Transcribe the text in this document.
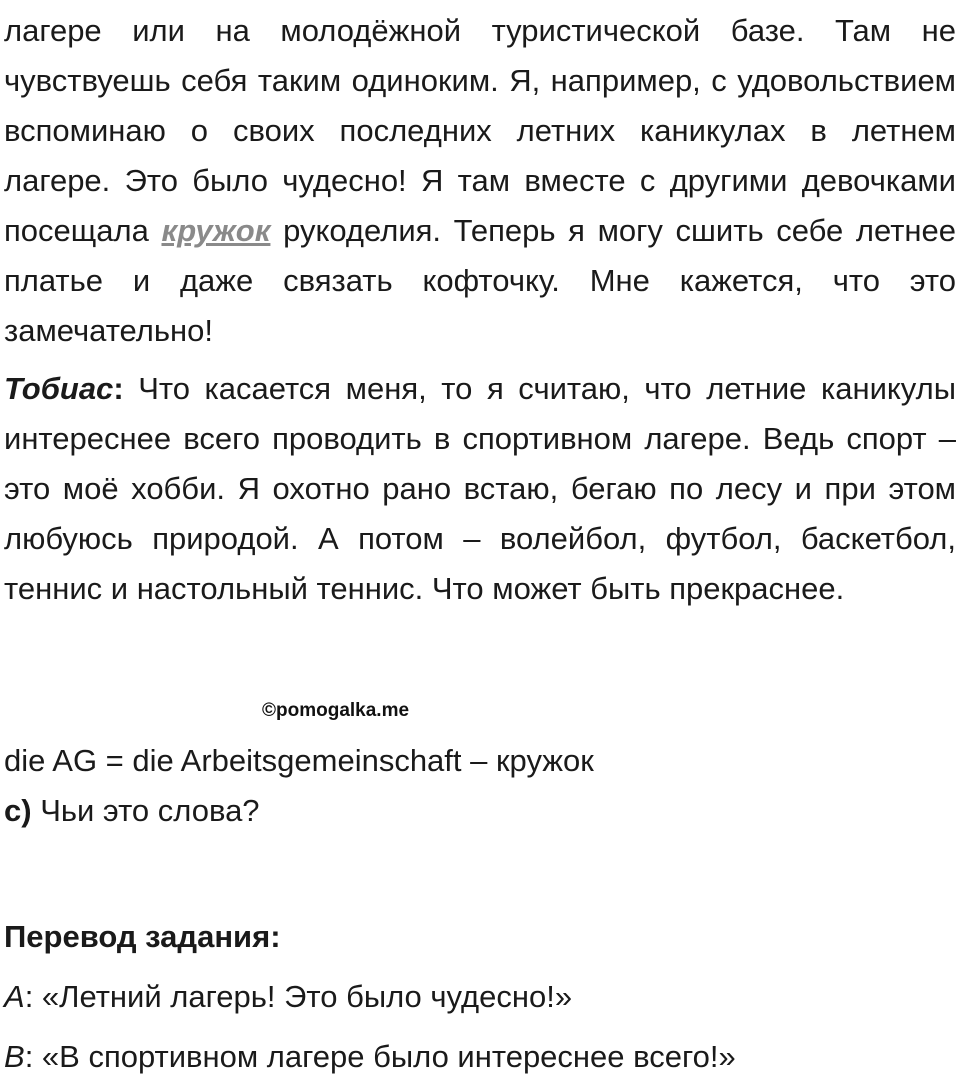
лагере или на молодёжной туристической базе. Там не чувствуешь себя таким одиноким. Я, например, с удовольствием вспоминаю о своих последних летних каникулах в летнем лагере. Это было чудесно! Я там вместе с другими девочками посещала кружок рукоделия. Теперь я могу сшить себе летнее платье и даже связать кофточку. Мне кажется, что это замечательно!

Тобиас: Что касается меня, то я считаю, что летние каникулы интереснее всего проводить в спортивном лагере. Ведь спорт – это моё хобби. Я охотно рано встаю, бегаю по лесу и при этом любуюсь природой. А потом – волейбол, футбол, баскетбол, теннис и настольный теннис. Что может быть прекраснее.

©pomogalka.me
die AG = die Arbeitsgemeinschaft – кружок
c) Чьи это слова?
Перевод задания:
А: «Летний лагерь! Это было чудесно!»
В: «В спортивном лагере было интереснее всего!»
